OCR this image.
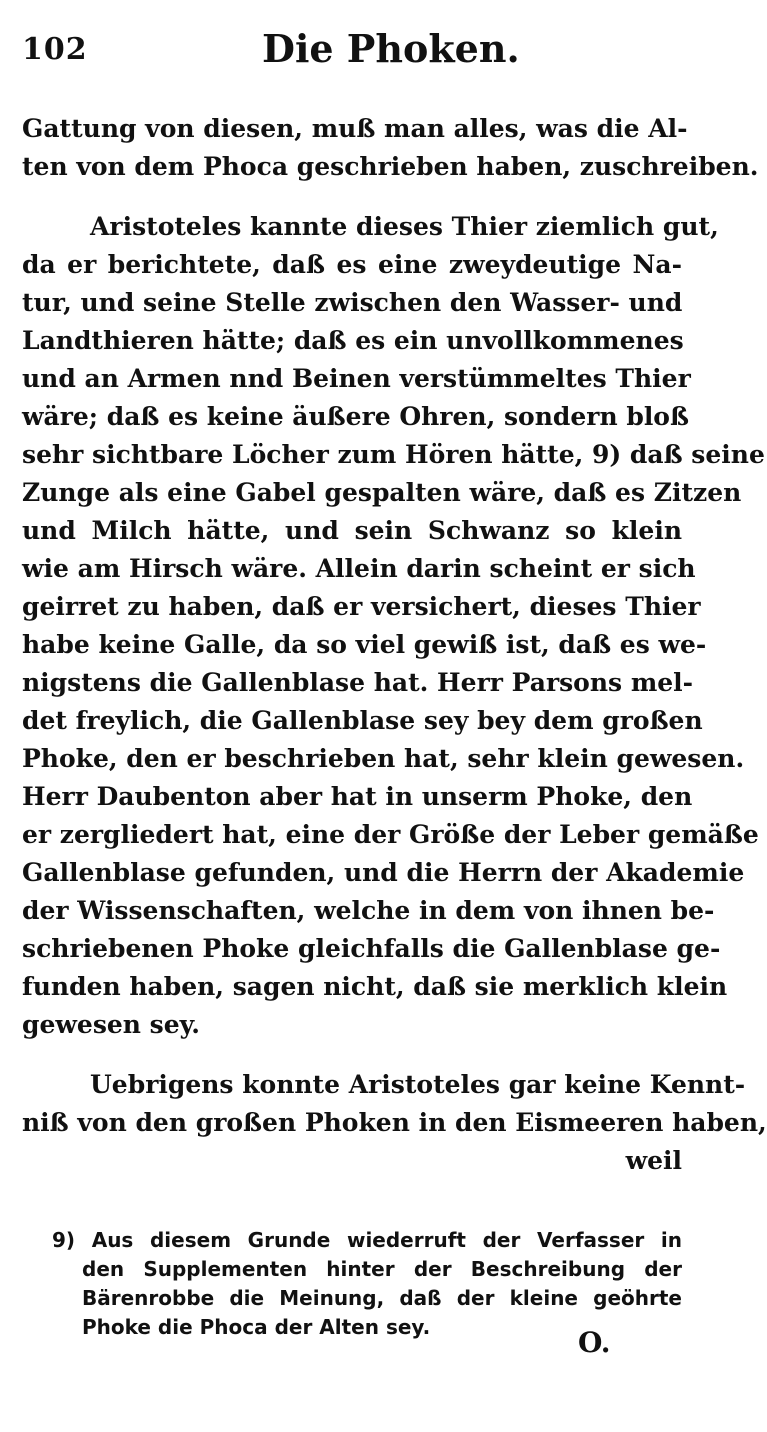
102	Die Phoken.
Gattung von diesen, muß man alles, was die Al-
ten von dem Phoca geschrieben haben, zuschreiben.
Aristoteles kannte dieses Thier ziemlich gut,
da er berichtete, daß es eine zweydeutige Na-
tur, und seine Stelle zwischen den Wasser- und
Landthieren hätte; daß es ein unvollkommenes
und an Armen nnd Beinen verstümmeltes Thier
wäre; daß es keine äußere Ohren, sondern bloß
sehr sichtbare Löcher zum Hören hätte, 9) daß seine
Zunge als eine Gabel gespalten wäre, daß es Zitzen
und Milch hätte, und sein Schwanz so klein
wie am Hirsch wäre. Allein darin scheint er sich
geirret zu haben, daß er versichert, dieses Thier
habe keine Galle, da so viel gewiß ist, daß es we-
nigstens die Gallenblase hat. Herr Parsons mel-
det freylich, die Gallenblase sey bey dem großen
Phoke, den er beschrieben hat, sehr klein gewesen.
Herr Daubenton aber hat in unserm Phoke, den
er zergliedert hat, eine der Größe der Leber gemäße
Gallenblase gefunden, und die Herrn der Akademie
der Wissenschaften, welche in dem von ihnen be-
schriebenen Phoke gleichfalls die Gallenblase ge-
funden haben, sagen nicht, daß sie merklich klein
gewesen sey.
Uebrigens konnte Aristoteles gar keine Kennt-
niß von den großen Phoken in den Eismeeren haben,
weil
9) Aus diesem Grunde wiederruft der Verfasser in
den Supplementen hinter der Beschreibung der
Bärenrobbe die Meinung, daß der kleine geöhrte
Phoke die Phoca der Alten sey.	O.
